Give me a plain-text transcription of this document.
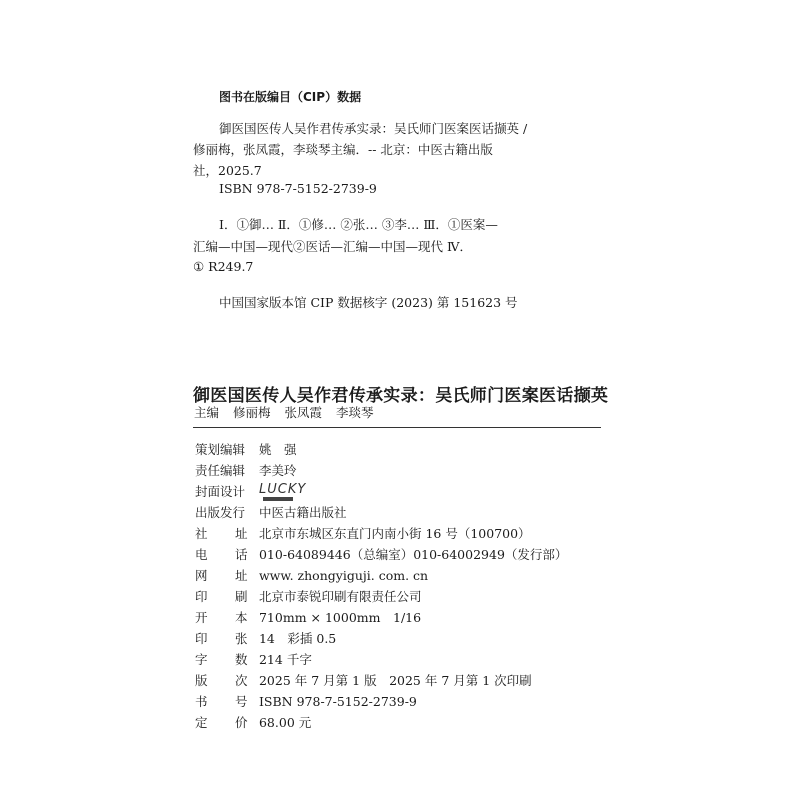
图书在版编目（CIP）数据
御医国医传人吴作君传承实录：吴氏师门医案医话撷英 /
修丽梅，张凤霞，李琰琴主编．-- 北京：中医古籍出版
社，2025.7
ISBN 978-7-5152-2739-9
Ⅰ．①御… Ⅱ．①修… ②张… ③李… Ⅲ．①医案—
汇编—中国—现代②医话—汇编—中国—现代 Ⅳ．
① R249.7
中国国家版本馆 CIP 数据核字 (2023) 第 151623 号
御医国医传人吴作君传承实录：吴氏师门医案医话撷英
主编 修丽梅 张凤霞 李琰琴
策划编辑 姚　强
责任编辑 李美玲
封面设计 LUCKY
出版发行 中医古籍出版社
社 址 北京市东城区东直门内南小街 16 号（100700）
电 话 010-64089446（总编室）010-64002949（发行部）
网 址 www. zhongyiguji. com. cn
印 刷 北京市泰锐印刷有限责任公司
开 本 710mm × 1000mm　1/16
印 张 14　彩插 0.5
字 数 214 千字
版 次 2025 年 7 月第 1 版　2025 年 7 月第 1 次印刷
书 号 ISBN 978-7-5152-2739-9
定 价 68.00 元
